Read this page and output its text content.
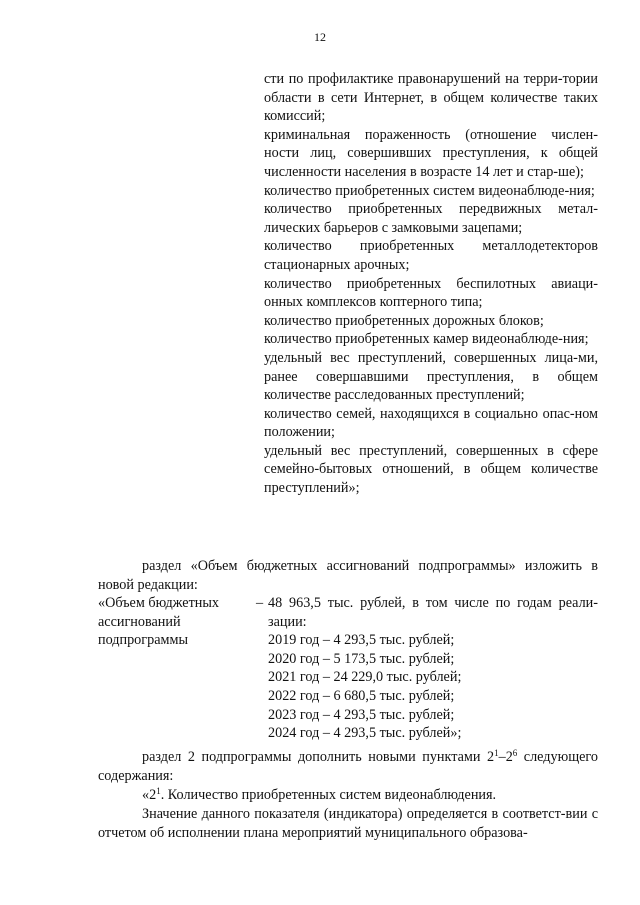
12
сти по профилактике правонарушений на терри-тории области в сети Интернет, в общем количестве таких комиссий;
криминальная пораженность (отношение числен-ности лиц, совершивших преступления, к общей численности населения в возрасте 14 лет и стар-ше);
количество приобретенных систем видеонаблюде-ния;
количество приобретенных передвижных метал-лических барьеров с замковыми зацепами;
количество приобретенных металлодетекторов стационарных арочных;
количество приобретенных беспилотных авиаци-онных комплексов коптерного типа;
количество приобретенных дорожных блоков;
количество приобретенных камер видеонаблюде-ния;
удельный вес преступлений, совершенных лица-ми, ранее совершавшими преступления, в общем количестве расследованных преступлений;
количество семей, находящихся в социально опас-ном положении;
удельный вес преступлений, совершенных в сфере семейно-бытовых отношений, в общем количестве преступлений»;
раздел «Объем бюджетных ассигнований подпрограммы» изложить в новой редакции:
«Объем бюджетных
ассигнований
подпрограммы
– 48 963,5 тыс. рублей, в том числе по годам реали-зации:
2019 год – 4 293,5 тыс. рублей;
2020 год – 5 173,5 тыс. рублей;
2021 год – 24 229,0 тыс. рублей;
2022 год – 6 680,5 тыс. рублей;
2023 год – 4 293,5 тыс. рублей;
2024 год – 4 293,5 тыс. рублей»;
раздел 2 подпрограммы дополнить новыми пунктами $2^1-2^6$ следующего содержания:
«$2^1$. Количество приобретенных систем видеонаблюдения.
Значение данного показателя (индикатора) определяется в соответст-вии с отчетом об исполнении плана мероприятий муниципального образова-
